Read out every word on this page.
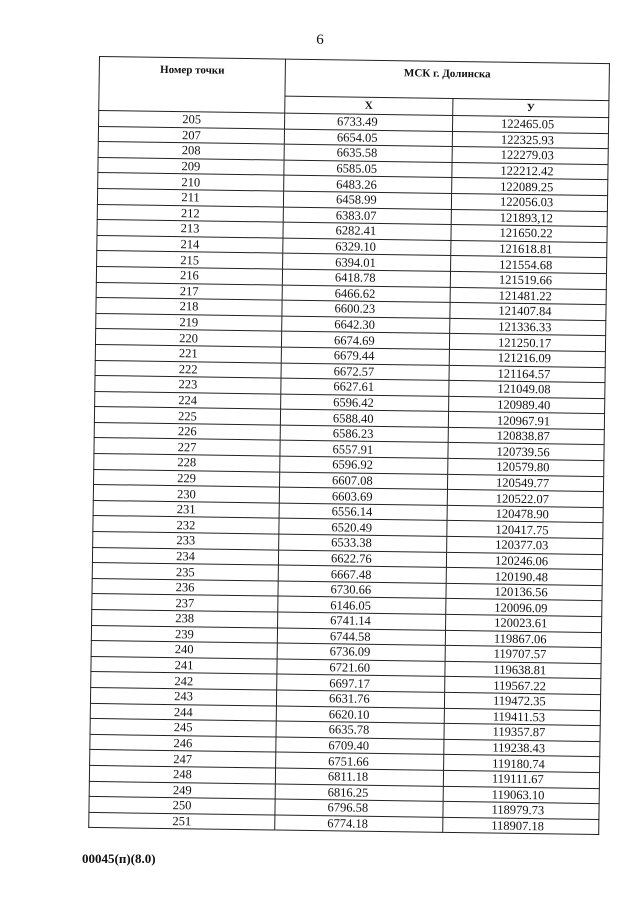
6
Номер точки	МСК г. Долинска	
	X	У
205	6733.49	122465.05
207	6654.05	122325.93
208	6635.58	122279.03
209	6585.05	122212.42
210	6483.26	122089.25
211	6458.99	122056.03
212	6383.07	121893,12
213	6282.41	121650.22
214	6329.10	121618.81
215	6394.01	121554.68
216	6418.78	121519.66
217	6466.62	121481.22
218	6600.23	121407.84
219	6642.30	121336.33
220	6674.69	121250.17
221	6679.44	121216.09
222	6672.57	121164.57
223	6627.61	121049.08
224	6596.42	120989.40
225	6588.40	120967.91
226	6586.23	120838.87
227	6557.91	120739.56
228	6596.92	120579.80
229	6607.08	120549.77
230	6603.69	120522.07
231	6556.14	120478.90
232	6520.49	120417.75
233	6533.38	120377.03
234	6622.76	120246.06
235	6667.48	120190.48
236	6730.66	120136.56
237	6146.05	120096.09
238	6741.14	120023.61
239	6744.58	119867.06
240	6736.09	119707.57
241	6721.60	119638.81
242	6697.17	119567.22
243	6631.76	119472.35
244	6620.10	119411.53
245	6635.78	119357.87
246	6709.40	119238.43
247	6751.66	119180.74
248	6811.18	119111.67
249	6816.25	119063.10
250	6796.58	118979.73
251	6774.18	118907.18
00045(п)(8.0)
